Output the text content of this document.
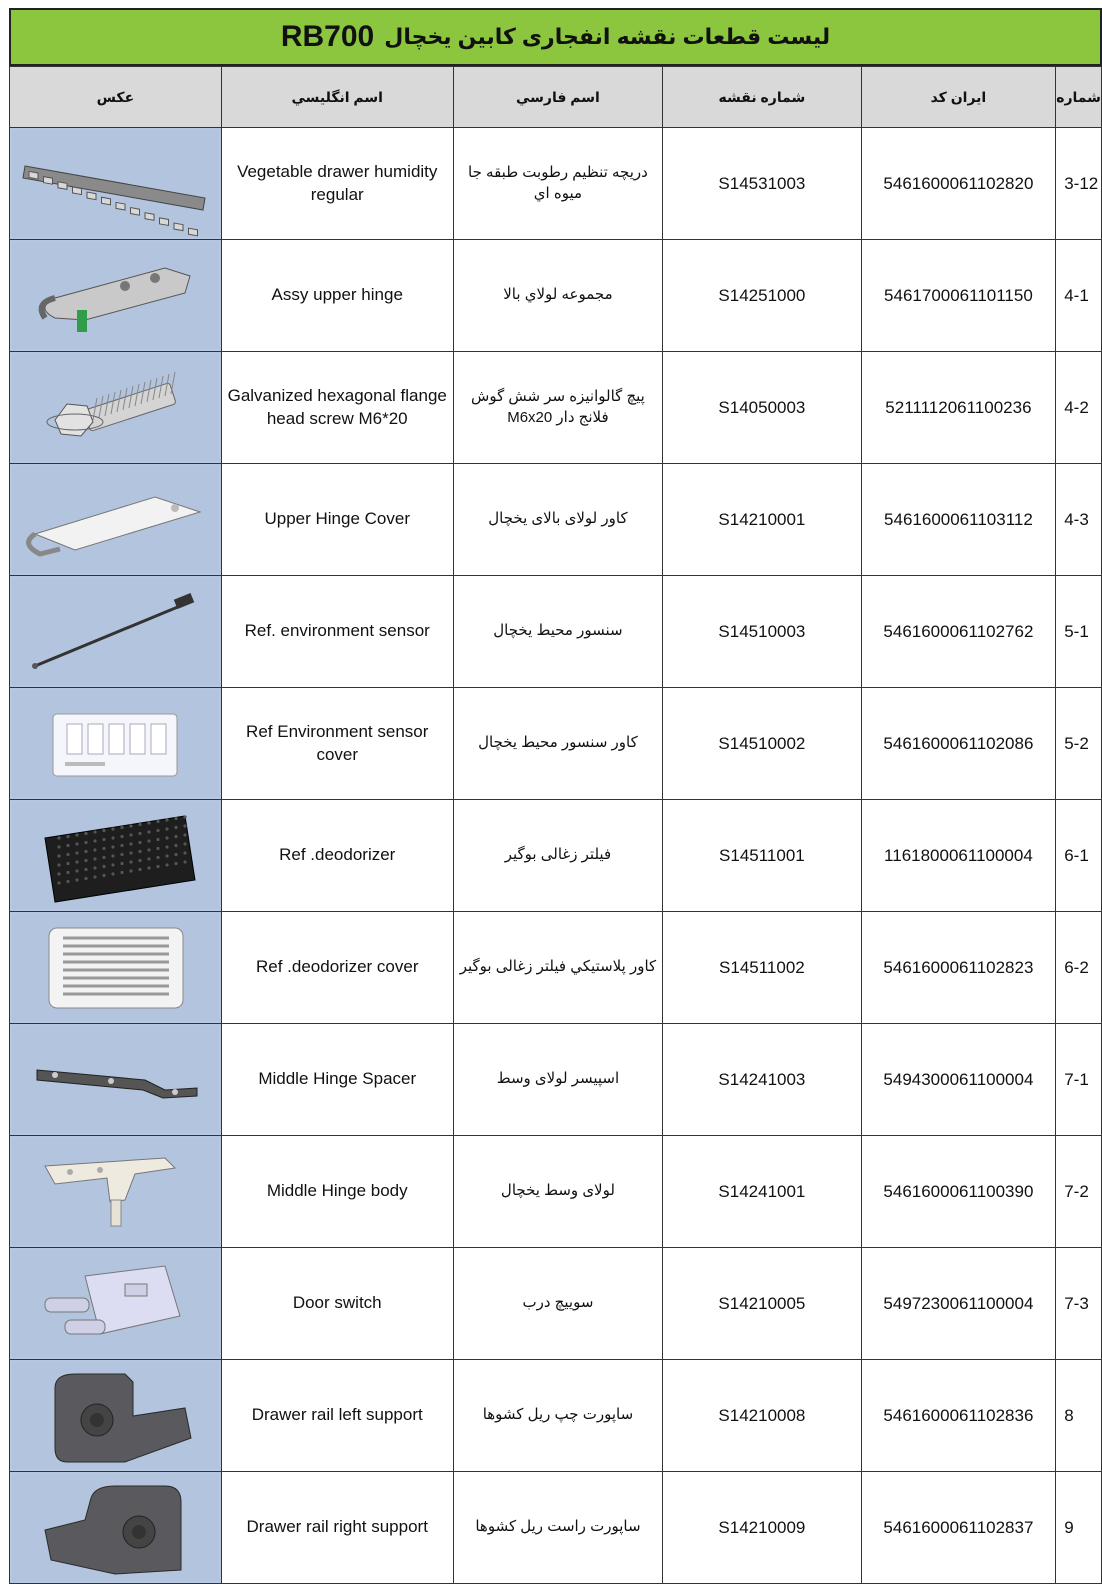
RB700 لیست قطعات نقشه انفجاری کابین یخچال
عکس	اسم انگليسي	اسم فارسي	شماره نقشه	ايران كد	شماره

	Vegetable drawer humidity regular	دريچه تنظيم رطوبت طبقه جا ميوه اي	S14531003	5461600061102820	3-12

	Assy upper hinge	مجموعه لولاي بالا	S14251000	5461700061101150	4-1

	Galvanized hexagonal flange head screw M6*20	پيچ گالوانيزه سر شش گوش فلانج دار M6x20	S14050003	5211112061100236	4-2

	Upper Hinge Cover	کاور لولای بالای یخچال	S14210001	5461600061103112	4-3

	Ref. environment sensor	سنسور محیط یخچال	S14510003	5461600061102762	5-1

	Ref Environment sensor cover	کاور سنسور محیط یخچال	S14510002	5461600061102086	5-2

	Ref .deodorizer	فیلتر زغالی بوگیر	S14511001	1161800061100004	6-1

	Ref .deodorizer cover	كاور پلاستيكي فیلتر زغالی بوگیر	S14511002	5461600061102823	6-2

	Middle Hinge Spacer	اسپیسر لولای وسط	S14241003	5494300061100004	7-1

	Middle Hinge body	لولای وسط یخچال	S14241001	5461600061100390	7-2

	Door switch	سوییچ درب	S14210005	5497230061100004	7-3

	Drawer rail left support	ساپورت چپ ریل کشوها	S14210008	5461600061102836	8

	Drawer rail right support	ساپورت راست ریل کشوها	S14210009	5461600061102837	9
